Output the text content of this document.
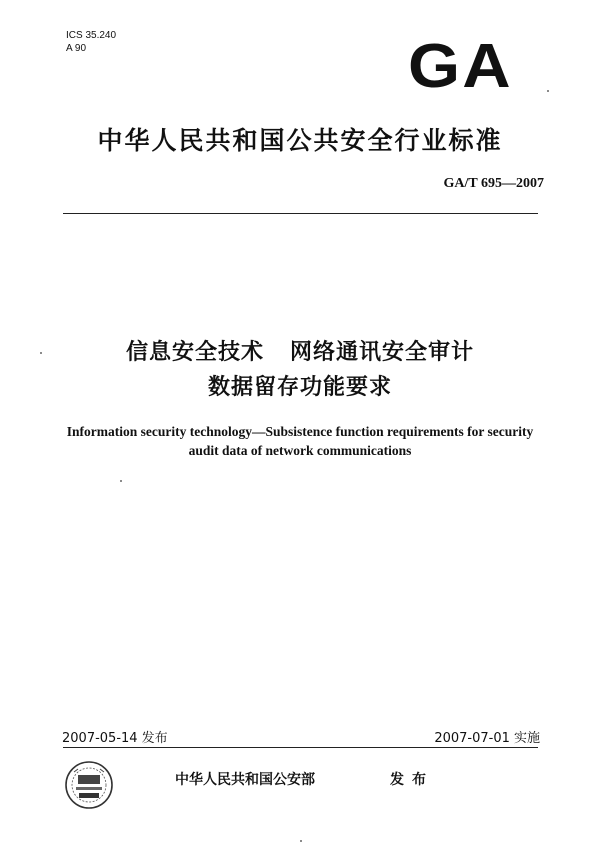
ICS 35.240
A 90	GA
中华人民共和国公共安全行业标准
GA/T 695—2007
信息安全技术   网络通讯安全审计
数据留存功能要求
Information security technology—Subsistence function requirements for security
audit data of network communications
2007-05-14 发布	2007-07-01 实施
中华人民共和国公安部	发布
